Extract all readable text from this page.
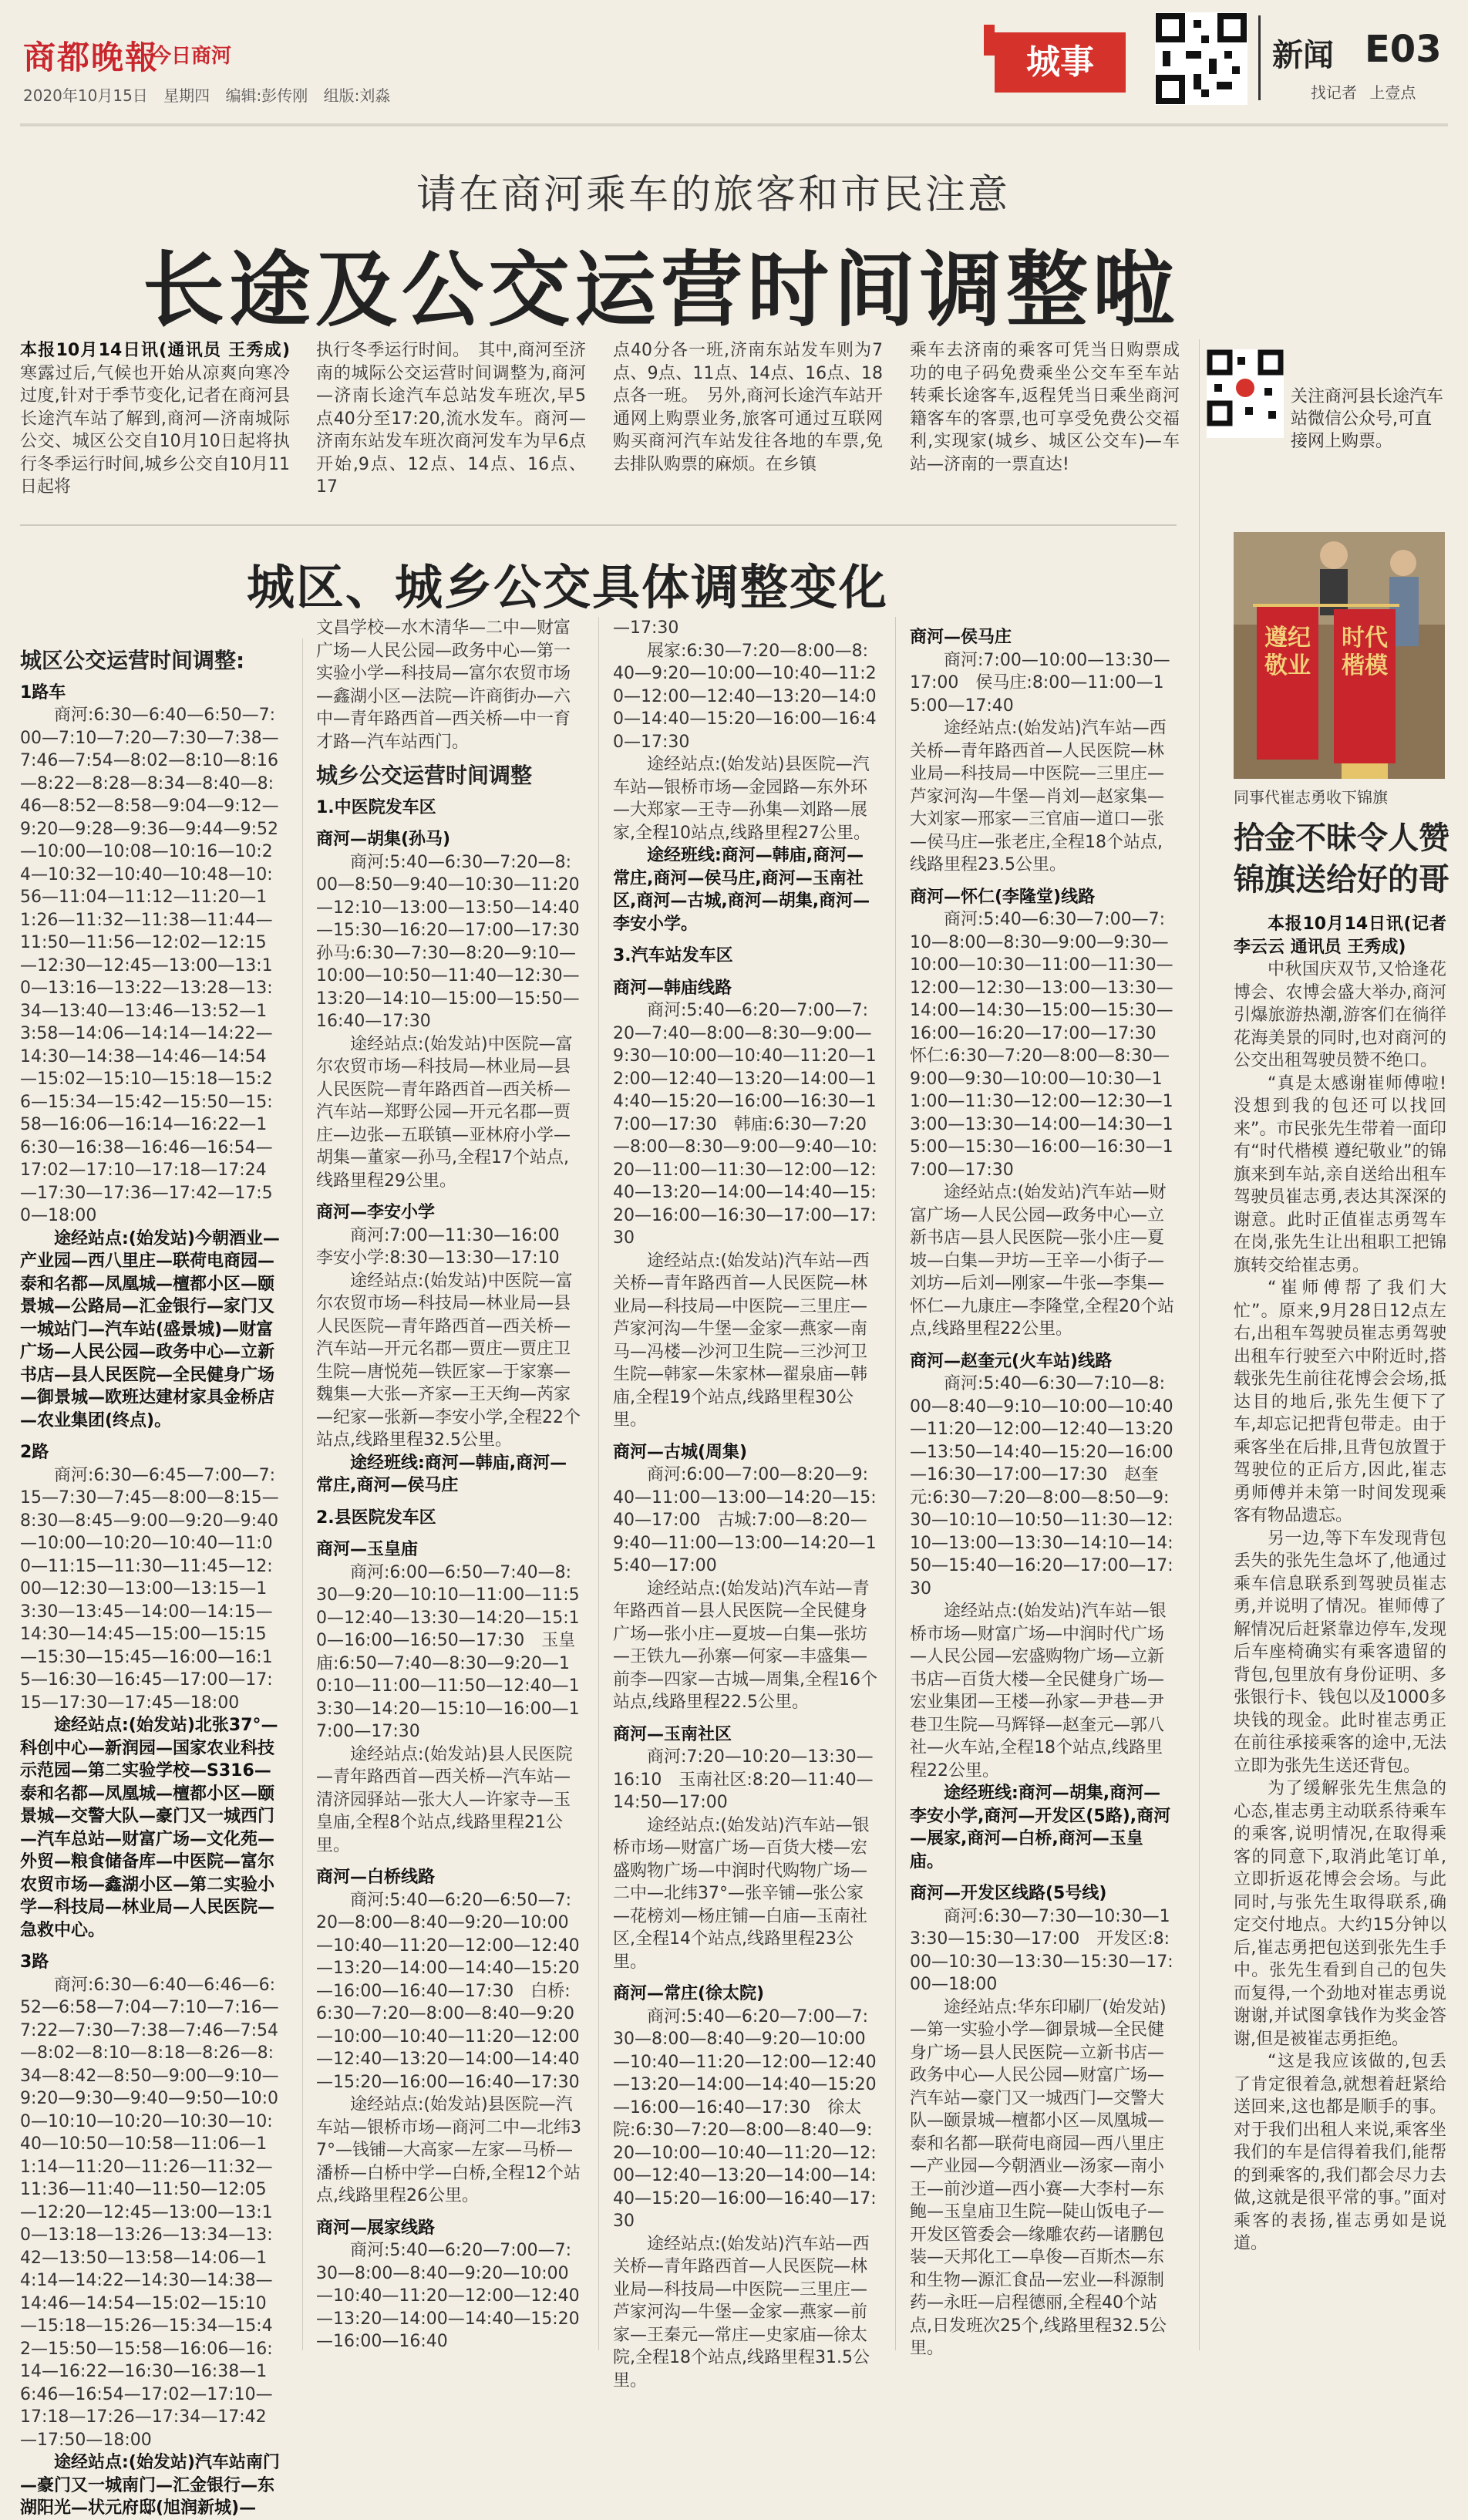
商都晚報
今日商河
2020年10月15日 星期四 编辑:彭传刚 组版:刘淼
城事	新闻 E03
找记者 上壹点
请在商河乘车的旅客和市民注意
长途及公交运营时间调整啦
本报10月14日讯(通讯员 王秀成) 寒露过后,气候也开始从凉爽向寒冷过度,针对于季节变化,记者在商河县长途汽车站了解到,商河—济南城际公交、城区公交自10月10日起将执行冬季运行时间,城乡公交自10月11日起将
执行冬季运行时间。　其中,商河至济南的城际公交运营时间调整为,商河—济南长途汽车总站发车班次,早5点40分至17:20,流水发车。商河—济南东站发车班次商河发车为早6点开始,9点、12点、14点、16点、17
点40分各一班,济南东站发车则为7点、9点、11点、14点、16点、18点各一班。　另外,商河长途汽车站开通网上购票业务,旅客可通过互联网购买商河汽车站发往各地的车票,免去排队购票的麻烦。在乡镇
乘车去济南的乘客可凭当日购票成功的电子码免费乘坐公交车至车站转乘长途客车,返程凭当日乘坐商河籍客车的客票,也可享受免费公交福利,实现家(城乡、城区公交车)—车站—济南的一票直达!
关注商河县长途汽车站微信公众号,可直接网上购票。
城区、城乡公交具体调整变化
城区公交运营时间调整:
1路车

商河:6:30—6:40—6:50—7:00—7:10—7:20—7:30—7:38—7:46—7:54—8:02—8:10—8:16—8:22—8:28—8:34—8:40—8:46—8:52—8:58—9:04—9:12—9:20—9:28—9:36—9:44—9:52—10:00—10:08—10:16—10:24—10:32—10:40—10:48—10:56—11:04—11:12—11:20—11:26—11:32—11:38—11:44—11:50—11:56—12:02—12:15—12:30—12:45—13:00—13:10—13:16—13:22—13:28—13:34—13:40—13:46—13:52—13:58—14:06—14:14—14:22—14:30—14:38—14:46—14:54—15:02—15:10—15:18—15:26—15:34—15:42—15:50—15:58—16:06—16:14—16:22—16:30—16:38—16:46—16:54—17:02—17:10—17:18—17:24—17:30—17:36—17:42—17:50—18:00

途经站点:(始发站)今朝酒业—产业园—西八里庄—联荷电商园—泰和名都—凤凰城—檀都小区—颐景城—公路局—汇金银行—家门又一城站门—汽车站(盛景城)—财富广场—人民公园—政务中心—立新书店—县人民医院—全民健身广场—御景城—欧班达建材家具金桥店—农业集团(终点)。

2路

商河:6:30—6:45—7:00—7:15—7:30—7:45—8:00—8:15—8:30—8:45—9:00—9:20—9:40—10:00—10:20—10:40—11:00—11:15—11:30—11:45—12:00—12:30—13:00—13:15—13:30—13:45—14:00—14:15—14:30—14:45—15:00—15:15—15:30—15:45—16:00—16:15—16:30—16:45—17:00—17:15—17:30—17:45—18:00

途经站点:(始发站)北张37°—科创中心—新润园—国家农业科技示范园—第二实验学校—S316—泰和名都—凤凰城—檀都小区—颐景城—交警大队—豪门又一城西门—汽车总站—财富广场—文化苑—外贸—粮食储备库—中医院—富尔农贸市场—鑫湖小区—第二实验小学—科技局—林业局—人民医院—急救中心。

3路

商河:6:30—6:40—6:46—6:52—6:58—7:04—7:10—7:16—7:22—7:30—7:38—7:46—7:54—8:02—8:10—8:18—8:26—8:34—8:42—8:50—9:00—9:10—9:20—9:30—9:40—9:50—10:00—10:10—10:20—10:30—10:40—10:50—10:58—11:06—11:14—11:20—11:26—11:32—11:36—11:40—11:50—12:05—12:20—12:45—13:00—13:10—13:18—13:26—13:34—13:42—13:50—13:58—14:06—14:14—14:22—14:30—14:38—14:46—14:54—15:02—15:10—15:18—15:26—15:34—15:42—15:50—15:58—16:06—16:14—16:22—16:30—16:38—16:46—16:54—17:02—17:10—17:18—17:26—17:34—17:42—17:50—18:00

途经站点:(始发站)汽车站南门—豪门又一城南门—汇金银行—东湖阳光—状元府邸(旭润新城)—

文昌学校—水木清华—二中—财富广场—人民公园—政务中心—第一实验小学—科技局—富尔农贸市场—鑫湖小区—法院—许商街办—六中—青年路西首—西关桥—中一育才路—汽车站西门。
城乡公交运营时间调整
1.中医院发车区
商河—胡集(孙马)

商河:5:40—6:30—7:20—8:00—8:50—9:40—10:30—11:20—12:10—13:00—13:50—14:40—15:30—16:20—17:00—17:30　孙马:6:30—7:30—8:20—9:10—10:00—10:50—11:40—12:30—13:20—14:10—15:00—15:50—16:40—17:30

途经站点:(始发站)中医院—富尔农贸市场—科技局—林业局—县人民医院—青年路西首—西关桥—汽车站—郑野公园—开元名郡—贾庄—边张—五联镇—亚林府小学—胡集—董家—孙马,全程17个站点,线路里程29公里。

商河—李安小学

商河:7:00—11:30—16:00　李安小学:8:30—13:30—17:10

途经站点:(始发站)中医院—富尔农贸市场—科技局—林业局—县人民医院—青年路西首—西关桥—汽车站—开元名郡—贾庄—贾庄卫生院—唐悦苑—铁匠家—于家寨—魏集—大张—齐家—王天绚—芮家—纪家—张新—李安小学,全程22个站点,线路里程32.5公里。

途经班线:商河—韩庙,商河—常庄,商河—侯马庄

2.县医院发车区
商河—玉皇庙

商河:6:00—6:50—7:40—8:30—9:20—10:10—11:00—11:50—12:40—13:30—14:20—15:10—16:00—16:50—17:30　玉皇庙:6:50—7:40—8:30—9:20—10:10—11:00—11:50—12:40—13:30—14:20—15:10—16:00—17:00—17:30

途经站点:(始发站)县人民医院—青年路西首—西关桥—汽车站—清济园驿站—张大人—许家寺—玉皇庙,全程8个站点,线路里程21公里。

商河—白桥线路

商河:5:40—6:20—6:50—7:20—8:00—8:40—9:20—10:00—10:40—11:20—12:00—12:40—13:20—14:00—14:40—15:20—16:00—16:40—17:30　白桥:6:30—7:20—8:00—8:40—9:20—10:00—10:40—11:20—12:00—12:40—13:20—14:00—14:40—15:20—16:00—16:40—17:30

途经站点:(始发站)县医院—汽车站—银桥市场—商河二中—北纬37°—钱铺—大高家—左家—马桥—潘桥—白桥中学—白桥,全程12个站点,线路里程26公里。

商河—展家线路

商河:5:40—6:20—7:00—7:30—8:00—8:40—9:20—10:00—10:40—11:20—12:00—12:40—13:20—14:00—14:40—15:20—16:00—16:40

—17:30

展家:6:30—7:20—8:00—8:40—9:20—10:00—10:40—11:20—12:00—12:40—13:20—14:00—14:40—15:20—16:00—16:40—17:30

途经站点:(始发站)县医院—汽车站—银桥市场—金园路—东外环—大郑家—王寺—孙集—刘路—展家,全程10站点,线路里程27公里。

途经班线:商河—韩庙,商河—常庄,商河—侯马庄,商河—玉南社区,商河—古城,商河—胡集,商河—李安小学。

3.汽车站发车区
商河—韩庙线路

商河:5:40—6:20—7:00—7:20—7:40—8:00—8:30—9:00—9:30—10:00—10:40—11:20—12:00—12:40—13:20—14:00—14:40—15:20—16:00—16:30—17:00—17:30　韩庙:6:30—7:20—8:00—8:30—9:00—9:40—10:20—11:00—11:30—12:00—12:40—13:20—14:00—14:40—15:20—16:00—16:30—17:00—17:30

途经站点:(始发站)汽车站—西关桥—青年路西首—人民医院—林业局—科技局—中医院—三里庄—芦家河沟—牛堡—金家—燕家—南马—冯楼—沙河卫生院—三沙河卫生院—韩家—朱家林—翟泉庙—韩庙,全程19个站点,线路里程30公里。

商河—古城(周集)

商河:6:00—7:00—8:20—9:40—11:00—13:00—14:20—15:40—17:00　古城:7:00—8:20—9:40—11:00—13:00—14:20—15:40—17:00

途经站点:(始发站)汽车站—青年路西首—县人民医院—全民健身广场—张小庄—夏坡—白集—张坊—王铁九—孙寨—何家—丰盛集—前李—四家—古城—周集,全程16个站点,线路里程22.5公里。

商河—玉南社区

商河:7:20—10:20—13:30—16:10　玉南社区:8:20—11:40—14:50—17:00

途经站点:(始发站)汽车站—银桥市场—财富广场—百货大楼—宏盛购物广场—中润时代购物广场—二中—北纬37°—张辛铺—张公家—花榜刘—杨庄铺—白庙—玉南社区,全程14个站点,线路里程23公里。

商河—常庄(徐太院)

商河:5:40—6:20—7:00—7:30—8:00—8:40—9:20—10:00—10:40—11:20—12:00—12:40—13:20—14:00—14:40—15:20—16:00—16:40—17:30　徐太院:6:30—7:20—8:00—8:40—9:20—10:00—10:40—11:20—12:00—12:40—13:20—14:00—14:40—15:20—16:00—16:40—17:30

途经站点:(始发站)汽车站—西关桥—青年路西首—人民医院—林业局—科技局—中医院—三里庄—芦家河沟—牛堡—金家—燕家—前家—王秦元—常庄—史家庙—徐太院,全程18个站点,线路里程31.5公里。

商河—侯马庄

商河:7:00—10:00—13:30—17:00　侯马庄:8:00—11:00—15:00—17:40

途经站点:(始发站)汽车站—西关桥—青年路西首—人民医院—林业局—科技局—中医院—三里庄—芦家河沟—牛堡—肖刘—赵家集—大刘家—邢家—三官庙—道口—张—侯马庄—张老庄,全程18个站点,线路里程23.5公里。

商河—怀仁(李隆堂)线路

商河:5:40—6:30—7:00—7:10—8:00—8:30—9:00—9:30—10:00—10:30—11:00—11:30—12:00—12:30—13:00—13:30—14:00—14:30—15:00—15:30—16:00—16:20—17:00—17:30　怀仁:6:30—7:20—8:00—8:30—9:00—9:30—10:00—10:30—11:00—11:30—12:00—12:30—13:00—13:30—14:00—14:30—15:00—15:30—16:00—16:30—17:00—17:30

途经站点:(始发站)汽车站—财富广场—人民公园—政务中心—立新书店—县人民医院—张小庄—夏坡—白集—尹坊—王辛—小街子—刘坊—后刘—刚家—牛张—李集—怀仁—九康庄—李隆堂,全程20个站点,线路里程22公里。

商河—赵奎元(火车站)线路

商河:5:40—6:30—7:10—8:00—8:40—9:10—10:00—10:40—11:20—12:00—12:40—13:20—13:50—14:40—15:20—16:00—16:30—17:00—17:30　赵奎元:6:30—7:20—8:00—8:50—9:30—10:10—10:50—11:30—12:10—13:00—13:30—14:10—14:50—15:40—16:20—17:00—17:30

途经站点:(始发站)汽车站—银桥市场—财富广场—中润时代广场—人民公园—宏盛购物广场—立新书店—百货大楼—全民健身广场—宏业集团—王楼—孙家—尹巷—尹巷卫生院—马辉铎—赵奎元—郭八社—火车站,全程18个站点,线路里程22公里。

途经班线:商河—胡集,商河—李安小学,商河—开发区(5路),商河—展家,商河—白桥,商河—玉皇庙。

商河—开发区线路(5号线)

商河:6:30—7:30—10:30—13:30—15:30—17:00　开发区:8:00—10:30—13:30—15:30—17:00—18:00

途经站点:华东印刷厂(始发站)—第一实验小学—御景城—全民健身广场—县人民医院—立新书店—政务中心—人民公园—财富广场—汽车站—豪门又一城西门—交警大队—颐景城—檀都小区—凤凰城—泰和名都—联荷电商园—西八里庄—产业园—今朝酒业—汤家—南小王—前沙道—西小赛—大李村—东鲍—玉皇庙卫生院—陡山饭电子—开发区管委会—缘雕农药—诸鹏包装—天邦化工—阜俊—百斯杰—东和生物—源汇食品—宏业—科源制药—永旺—启程德丽,全程40个站点,日发班次25个,线路里程32.5公里。

遵纪敬业
时代楷模
同事代崔志勇收下锦旗
拾金不昧令人赞 锦旗送给好的哥

本报10月14日讯(记者 李云云 通讯员 王秀成)

中秋国庆双节,又恰逢花博会、农博会盛大举办,商河引爆旅游热潮,游客们在徜徉花海美景的同时,也对商河的公交出租驾驶员赞不绝口。

“真是太感谢崔师傅啦!没想到我的包还可以找回来”。市民张先生带着一面印有“时代楷模 遵纪敬业”的锦旗来到车站,亲自送给出租车驾驶员崔志勇,表达其深深的谢意。此时正值崔志勇驾车在岗,张先生让出租职工把锦旗转交给崔志勇。

“崔师傅帮了我们大忙”。原来,9月28日12点左右,出租车驾驶员崔志勇驾驶出租车行驶至六中附近时,搭载张先生前往花博会会场,抵达目的地后,张先生便下了车,却忘记把背包带走。由于乘客坐在后排,且背包放置于驾驶位的正后方,因此,崔志勇师傅并未第一时间发现乘客有物品遗忘。

另一边,等下车发现背包丢失的张先生急坏了,他通过乘车信息联系到驾驶员崔志勇,并说明了情况。崔师傅了解情况后赶紧靠边停车,发现后车座椅确实有乘客遗留的背包,包里放有身份证明、多张银行卡、钱包以及1000多块钱的现金。此时崔志勇正在前往承接乘客的途中,无法立即为张先生送还背包。

为了缓解张先生焦急的心态,崔志勇主动联系待乘车的乘客,说明情况,在取得乘客的同意下,取消此笔订单,立即折返花博会会场。与此同时,与张先生取得联系,确定交付地点。大约15分钟以后,崔志勇把包送到张先生手中。张先生看到自己的包失而复得,一个劲地对崔志勇说谢谢,并试图拿钱作为奖金答谢,但是被崔志勇拒绝。

“这是我应该做的,包丢了肯定很着急,就想着赶紧给送回来,这也都是顺手的事。对于我们出租人来说,乘客坐我们的车是信得着我们,能帮的到乘客的,我们都会尽力去做,这就是很平常的事。”面对乘客的表扬,崔志勇如是说道。
